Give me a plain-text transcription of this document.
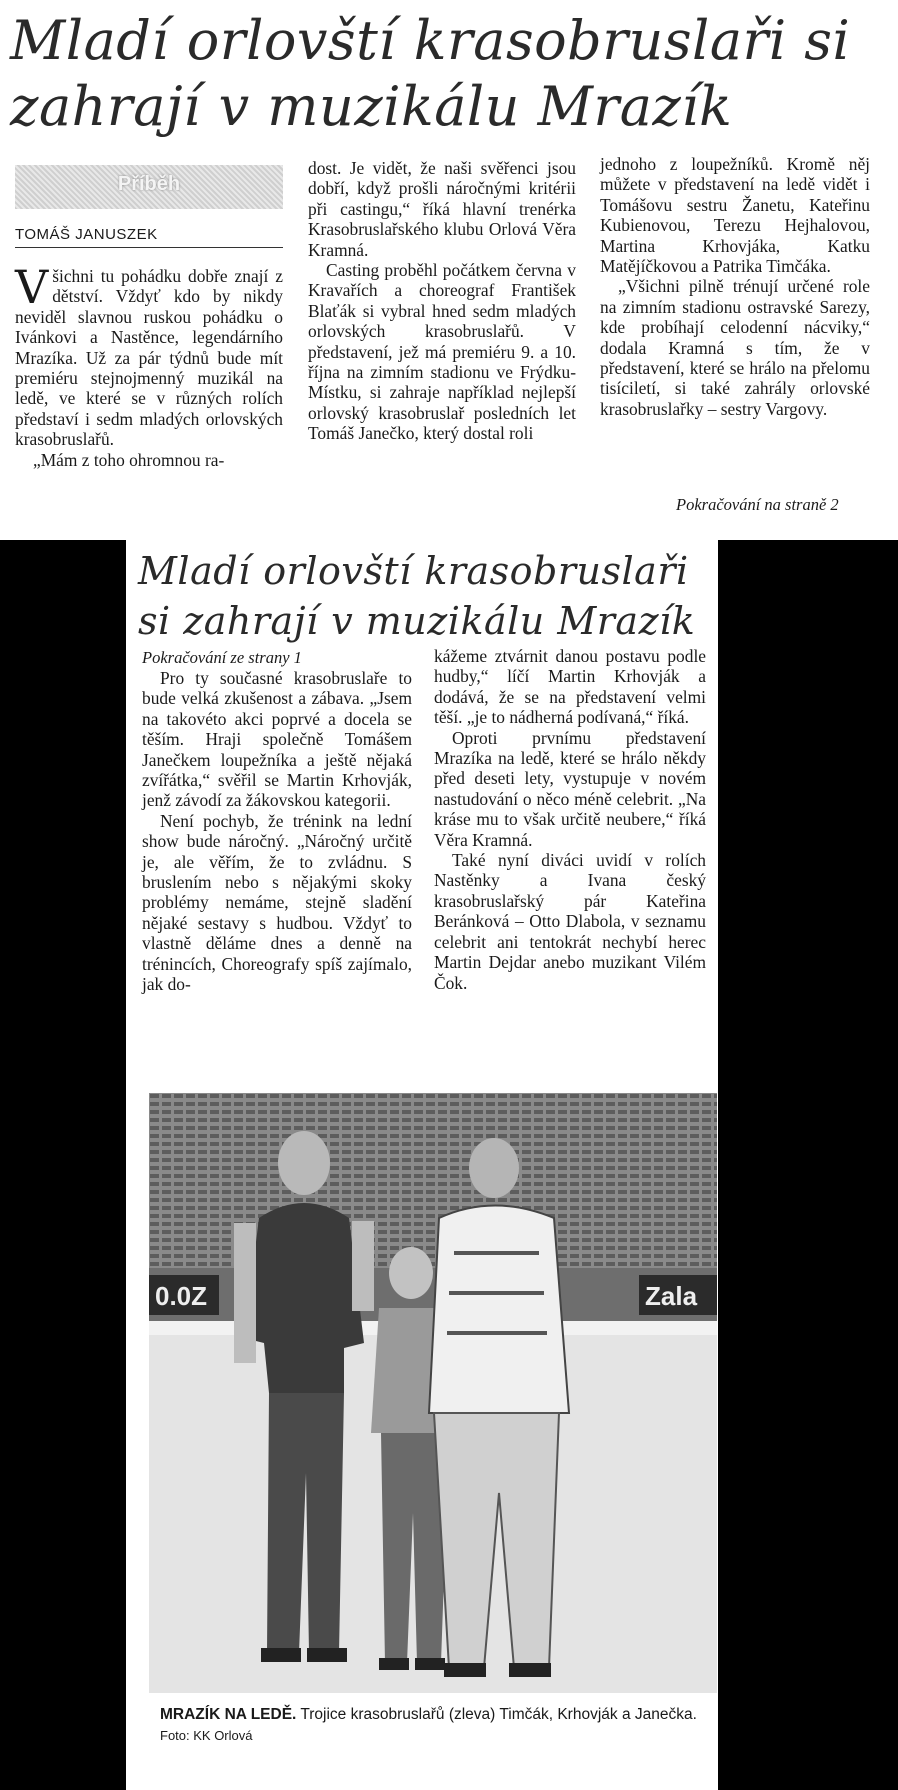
Mladí orlovští krasobruslaři si zahrají v muzikálu Mrazík
Příběh
TOMÁŠ JANUSZEK

Všichni tu pohádku dobře znají z dětství. Vždyť kdo by nikdy neviděl slavnou ruskou pohádku o Ivánkovi a Nastěnce, legendárního Mrazíka. Už za pár týdnů bude mít premiéru stejnojmenný muzikál na ledě, ve které se v různých rolích představí i sedm mladých orlovských krasobruslařů.

„Mám z toho ohromnou ra-

dost. Je vidět, že naši svěřenci jsou dobří, když prošli náročnými kritérii při castingu,“ říká hlavní trenérka Krasobruslařského klubu Orlová Věra Kramná.

Casting proběhl počátkem června v Kravařích a choreograf František Blaťák si vybral hned sedm mladých orlovských krasobruslařů. V představení, jež má premiéru 9. a 10. října na zimním stadionu ve Frýdku-Místku, si zahraje například nejlepší orlovský krasobruslař posledních let Tomáš Janečko, který dostal roli

jednoho z loupežníků. Kromě něj můžete v představení na ledě vidět i Tomášovu sestru Žanetu, Kateřinu Kubienovou, Terezu Hejhalovou, Martina Krhovjáka, Katku Matějíčkovou a Patrika Timčáka.

„Všichni pilně trénují určené role na zimním stadionu ostravské Sarezy, kde probíhají celodenní nácviky,“ dodala Kramná s tím, že v představení, které se hrálo na přelomu tisíciletí, si také zahrály orlovské krasobruslařky – sestry Vargovy.

Pokračování na straně 2
Mladí orlovští krasobruslaři si zahrají v muzikálu Mrazík
Pokračování ze strany 1

Pro ty současné krasobruslaře to bude velká zkušenost a zábava. „Jsem na takovéto akci poprvé a docela se těším. Hraji společně Tomášem Janečkem loupežníka a ještě nějaká zvířátka,“ svěřil se Martin Krhovják, jenž závodí za žákovskou kategorii.

Není pochyb, že trénink na lední show bude náročný. „Náročný určitě je, ale věřím, že to zvládnu. S bruslením nebo s nějakými skoky problémy nemáme, stejně sladění nějaké sestavy s hudbou. Vždyť to vlastně děláme dnes a denně na trénincích, Choreografy spíš zajímalo, jak do-

kážeme ztvárnit danou postavu podle hudby,“ líčí Martin Krhovják a dodává, že se na představení velmi těší. „je to nádherná podívaná,“ říká.

Oproti prvnímu představení Mrazíka na ledě, které se hrálo někdy před deseti lety, vystupuje v novém nastudování o něco méně celebrit. „Na kráse mu to však určitě neubere,“ říká Věra Kramná.

Také nyní diváci uvidí v rolích Nastěnky a Ivana český krasobruslařský pár Kateřina Beránková – Otto Dlabola, v seznamu celebrit ani tentokrát nechybí herec Martin Dejdar anebo muzikant Vilém Čok.

0.0Z	Zala
MRAZÍK NA LEDĚ. Trojice krasobruslařů (zleva) Timčák, Krhovják a Janečka. Foto: KK Orlová
